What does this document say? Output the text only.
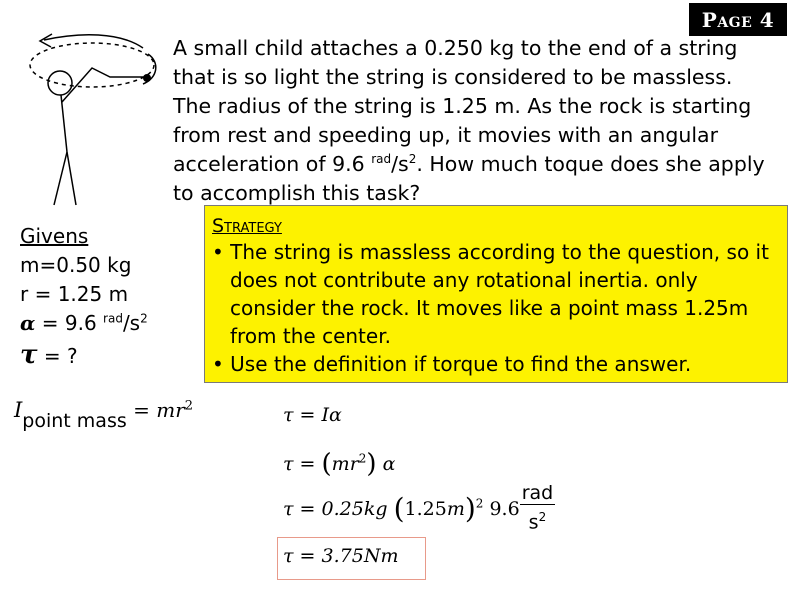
Page 4
A small child attaches a 0.250 kg to the end of a string that is so light the string is considered to be massless. The radius of the string is 1.25 m. As the rock is starting from rest and speeding up, it movies with an angular acceleration of 9.6 $^{rad}/s^2$. How much toque does she apply to accomplish this task?
Givens
m=0.50 kg
r = 1.25 m
α = 9.6 $^{rad}/s^2$
τ = ?
Strategy
• The string is massless according to the question, so it does not contribute any rotational inertia. only consider the rock. It moves like a point mass 1.25m from the center.
• Use the definition if torque to find the answer.
Ipoint mass = $mr^2$	τ = Iα
$\tau = (mr^2)$ α
τ = 0.25kg $(1.25m)^2$ $9.6 \frac{\text{rad}}{s^2}$
τ = 3.75Nm
